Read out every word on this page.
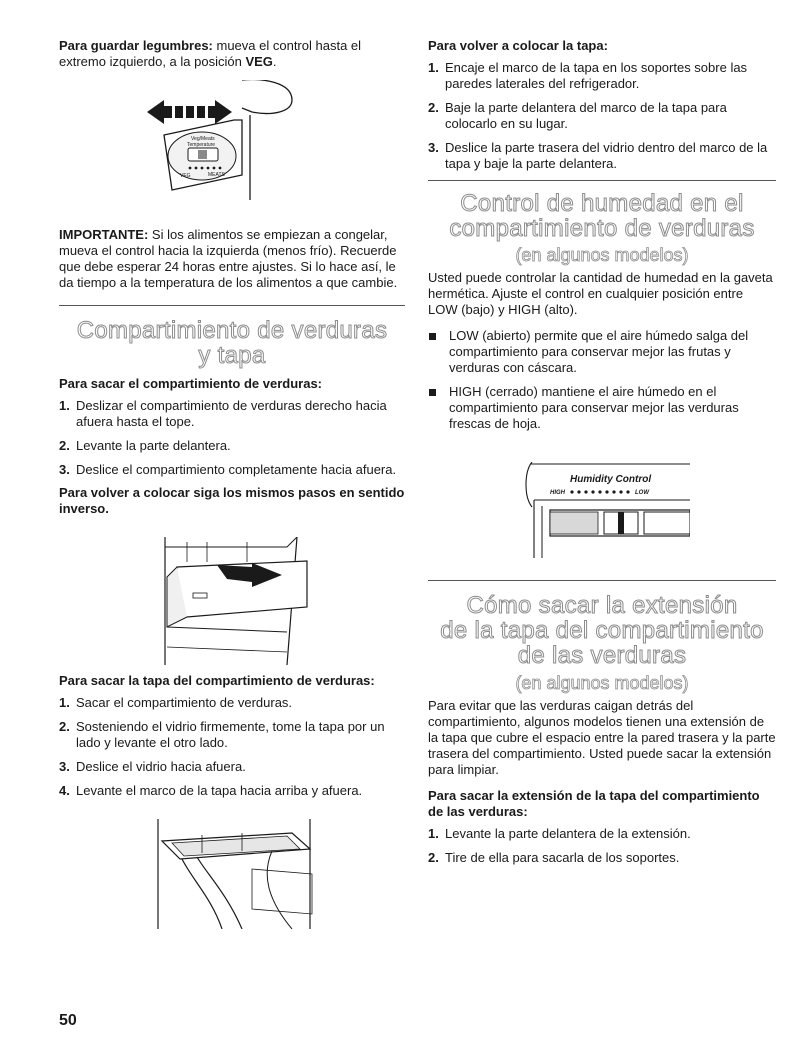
Para guardar legumbres: mueva el control hasta el extremo izquierdo, a la posición VEG.

Veg/Meats
Temperature
VEG	MEATS

IMPORTANTE: Si los alimentos se empiezan a congelar, mueva el control hacia la izquierda (menos frío). Recuerde que debe esperar 24 horas entre ajustes. Si lo hace así, le da tiempo a la temperatura de los alimentos a que cambie.

Compartimiento de verduras
y tapa

Para sacar el compartimiento de verduras:

1. Deslizar el compartimiento de verduras derecho hacia afuera hasta el tope.
2. Levante la parte delantera.
3. Deslice el compartimiento completamente hacia afuera.

Para volver a colocar siga los mismos pasos en sentido inverso.

Para sacar la tapa del compartimiento de verduras:

1. Sacar el compartimiento de verduras.
2. Sosteniendo el vidrio firmemente, tome la tapa por un lado y levante el otro lado.
3. Deslice el vidrio hacia afuera.
4. Levante el marco de la tapa hacia arriba y afuera.

Para volver a colocar la tapa:

1. Encaje el marco de la tapa en los soportes sobre las paredes laterales del refrigerador.
2. Baje la parte delantera del marco de la tapa para colocarlo en su lugar.
3. Deslice la parte trasera del vidrio dentro del marco de la tapa y baje la parte delantera.
Control de humedad en el
compartimiento de verduras
(en algunos modelos)

Usted puede controlar la cantidad de humedad en la gaveta hermética. Ajuste el control en cualquier posición entre LOW (bajo) y HIGH (alto).

LOW (abierto) permite que el aire húmedo salga del compartimiento para conservar mejor las frutas y verduras con cáscara.
HIGH (cerrado) mantiene el aire húmedo en el compartimiento para conservar mejor las verduras frescas de hoja.
Humidity Control
HIGH	LOW
Cómo sacar la extensión
de la tapa del compartimiento
de las verduras
(en algunos modelos)

Para evitar que las verduras caigan detrás del compartimiento, algunos modelos tienen una extensión de la tapa que cubre el espacio entre la pared trasera y la parte trasera del compartimiento. Usted puede sacar la extensión para limpiar.

Para sacar la extensión de la tapa del compartimiento de las verduras:

1. Levante la parte delantera de la extensión.
2. Tire de ella para sacarla de los soportes.
50
